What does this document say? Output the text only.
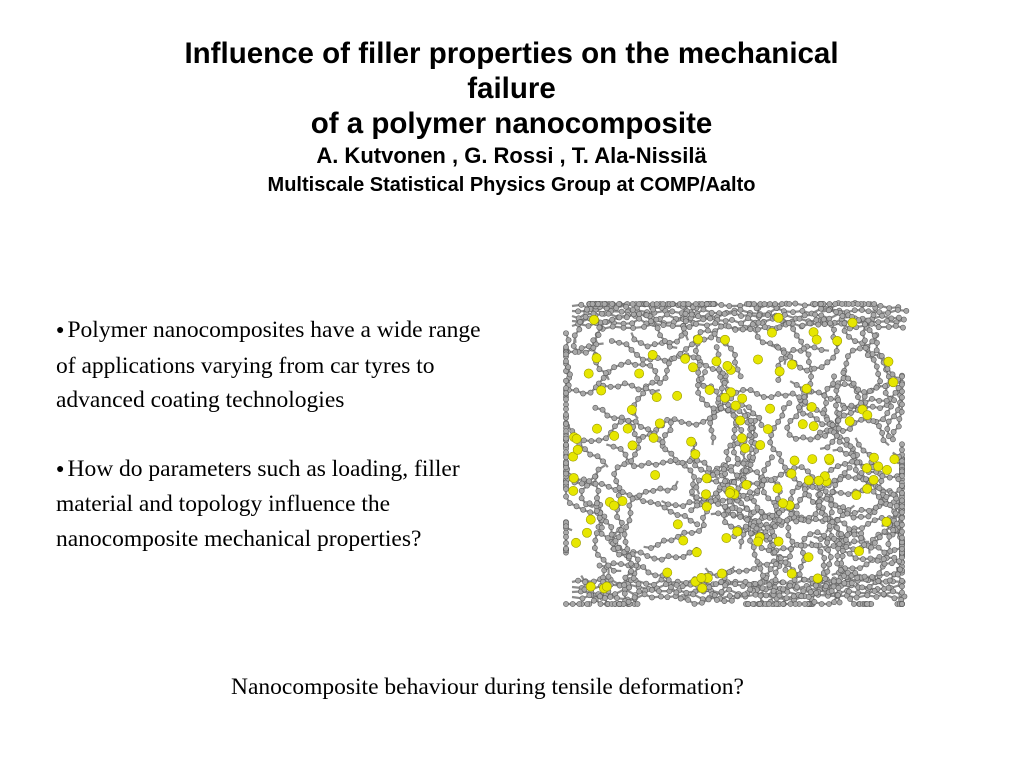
Influence of filler properties on the mechanical
failure
of a polymer nanocomposite
A. Kutvonen , G. Rossi , T. Ala-Nissilä
Multiscale Statistical Physics Group at COMP/Aalto
● Polymer nanocomposites have a wide range of applications varying from car tyres to advanced coating technologies
● How do parameters such as loading, filler material and topology influence the nanocomposite mechanical properties?
Nanocomposite behaviour during tensile deformation?
